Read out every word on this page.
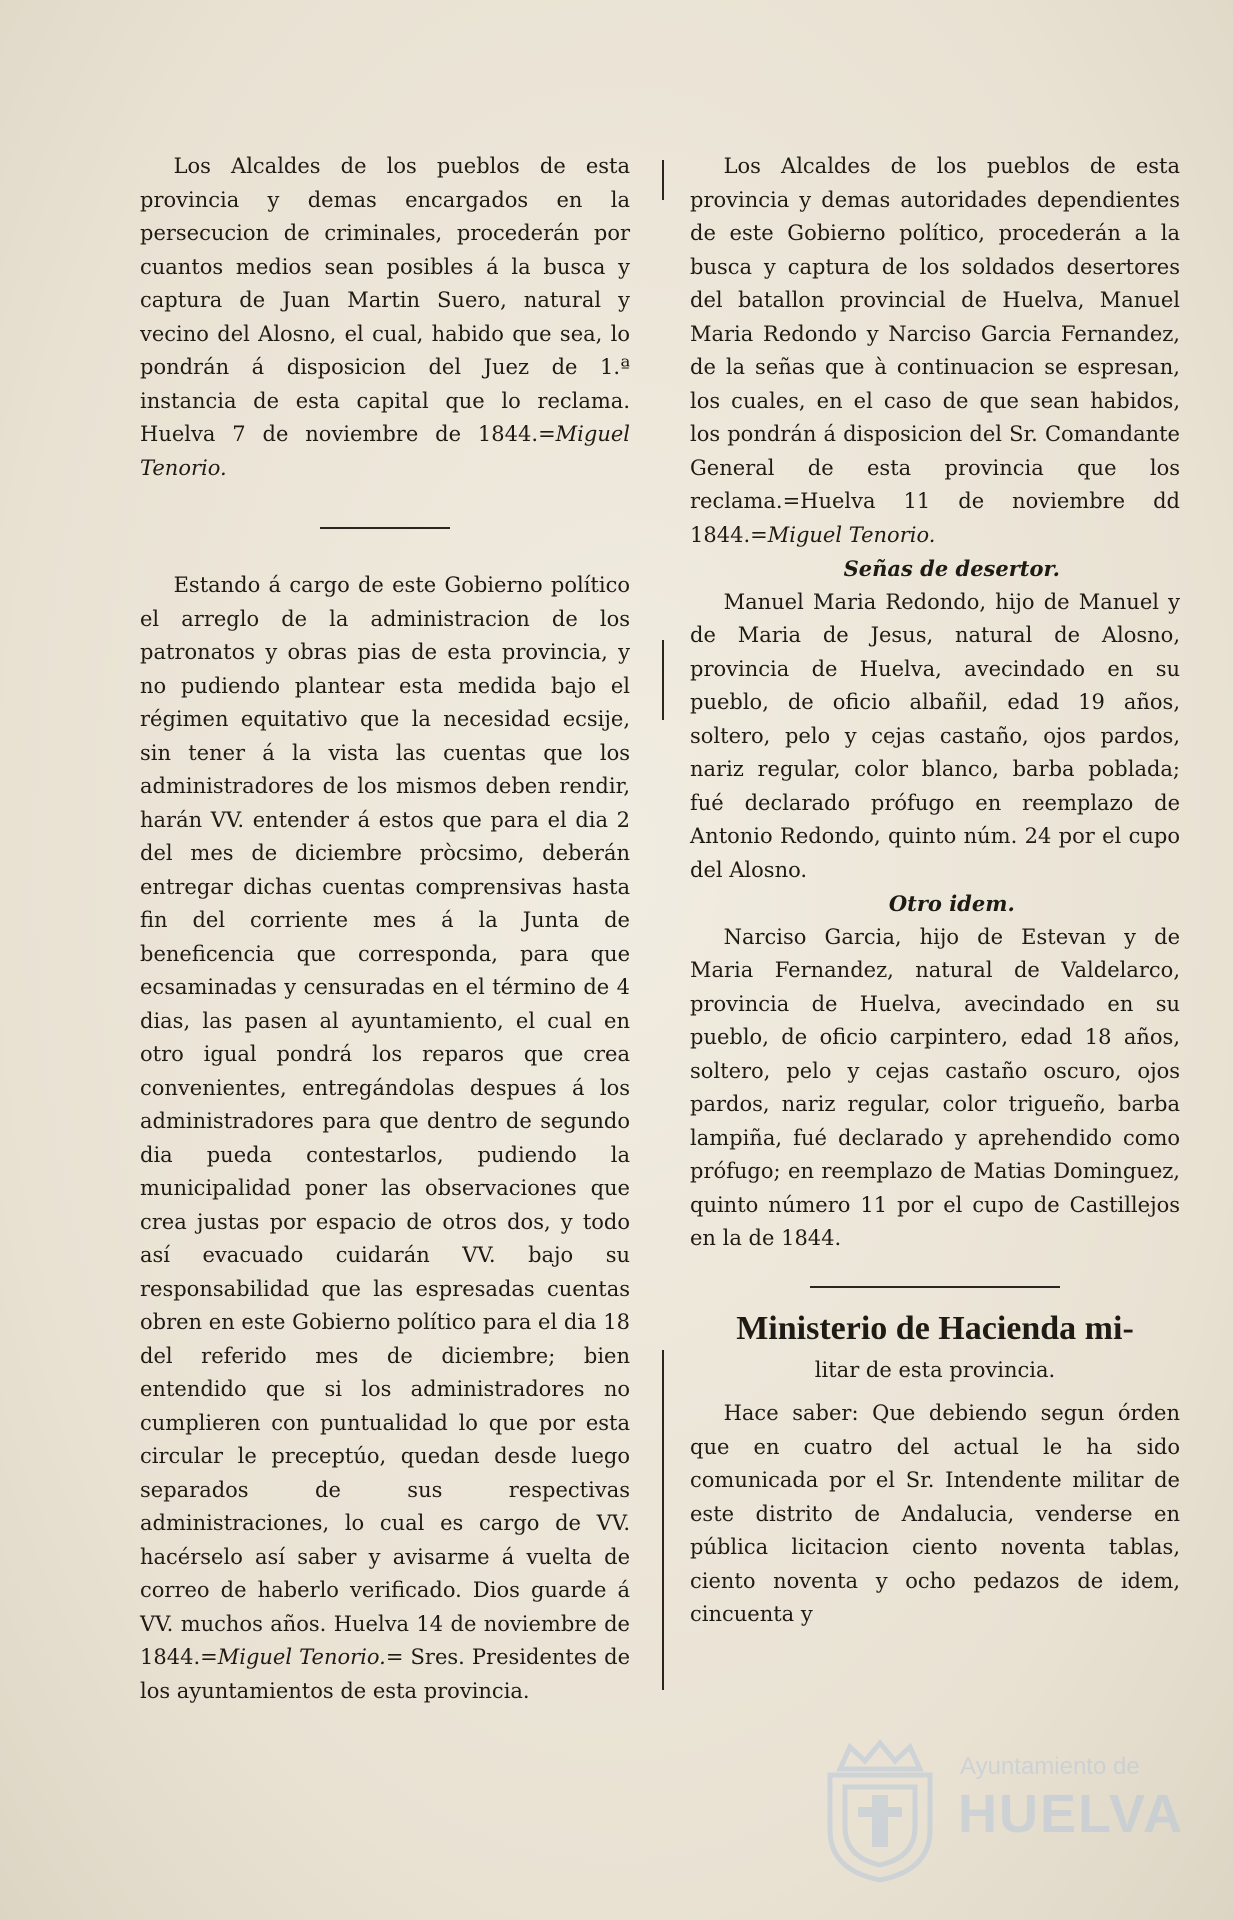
Los Alcaldes de los pueblos de esta provincia y demas encargados en la persecucion de criminales, procederán por cuantos medios sean posibles á la busca y captura de Juan Martin Suero, natural y vecino del Alosno, el cual, habido que sea, lo pondrán á disposicion del Juez de 1.ª instancia de esta capital que lo reclama. Huelva 7 de noviembre de 1844.=Miguel Tenorio.

Estando á cargo de este Gobierno político el arreglo de la administracion de los patronatos y obras pias de esta provincia, y no pudiendo plantear esta medida bajo el régimen equitativo que la necesidad ecsije, sin tener á la vista las cuentas que los administradores de los mismos deben rendir, harán VV. entender á estos que para el dia 2 del mes de diciembre pròcsimo, deberán entregar dichas cuentas comprensivas hasta fin del corriente mes á la Junta de beneficencia que corresponda, para que ecsaminadas y censuradas en el término de 4 dias, las pasen al ayuntamiento, el cual en otro igual pondrá los reparos que crea convenientes, entregándolas despues á los administradores para que dentro de segundo dia pueda contestarlos, pudiendo la municipalidad poner las observaciones que crea justas por espacio de otros dos, y todo así evacuado cuidarán VV. bajo su responsabilidad que las espresadas cuentas obren en este Gobierno político para el dia 18 del referido mes de diciembre; bien entendido que si los administradores no cumplieren con puntualidad lo que por esta circular le preceptúo, quedan desde luego separados de sus respectivas administraciones, lo cual es cargo de VV. hacérselo así saber y avisarme á vuelta de correo de haberlo verificado. Dios guarde á VV. muchos años. Huelva 14 de noviembre de 1844.=Miguel Tenorio.= Sres. Presidentes de los ayuntamientos de esta provincia.

Los Alcaldes de los pueblos de esta provincia y demas autoridades dependientes de este Gobierno político, procederán a la busca y captura de los soldados desertores del batallon provincial de Huelva, Manuel Maria Redondo y Narciso Garcia Fernandez, de la señas que à continuacion se espresan, los cuales, en el caso de que sean habidos, los pondrán á disposicion del Sr. Comandante General de esta provincia que los reclama.=Huelva 11 de noviembre dd 1844.=Miguel Tenorio.

Señas de desertor.

Manuel Maria Redondo, hijo de Manuel y de Maria de Jesus, natural de Alosno, provincia de Huelva, avecindado en su pueblo, de oficio albañil, edad 19 años, soltero, pelo y cejas castaño, ojos pardos, nariz regular, color blanco, barba poblada; fué declarado prófugo en reemplazo de Antonio Redondo, quinto núm. 24 por el cupo del Alosno.

Otro idem.

Narciso Garcia, hijo de Estevan y de Maria Fernandez, natural de Valdelarco, provincia de Huelva, avecindado en su pueblo, de oficio carpintero, edad 18 años, soltero, pelo y cejas castaño oscuro, ojos pardos, nariz regular, color trigueño, barba lampiña, fué declarado y aprehendido como prófugo; en reemplazo de Matias Dominguez, quinto número 11 por el cupo de Castillejos en la de 1844.

Ministerio de Hacienda mi-
litar de esta provincia.

Hace saber: Que debiendo segun órden que en cuatro del actual le ha sido comunicada por el Sr. Intendente militar de este distrito de Andalucia, venderse en pública licitacion ciento noventa tablas, ciento noventa y ocho pedazos de idem, cincuenta y

Ayuntamiento de
HUELVA
